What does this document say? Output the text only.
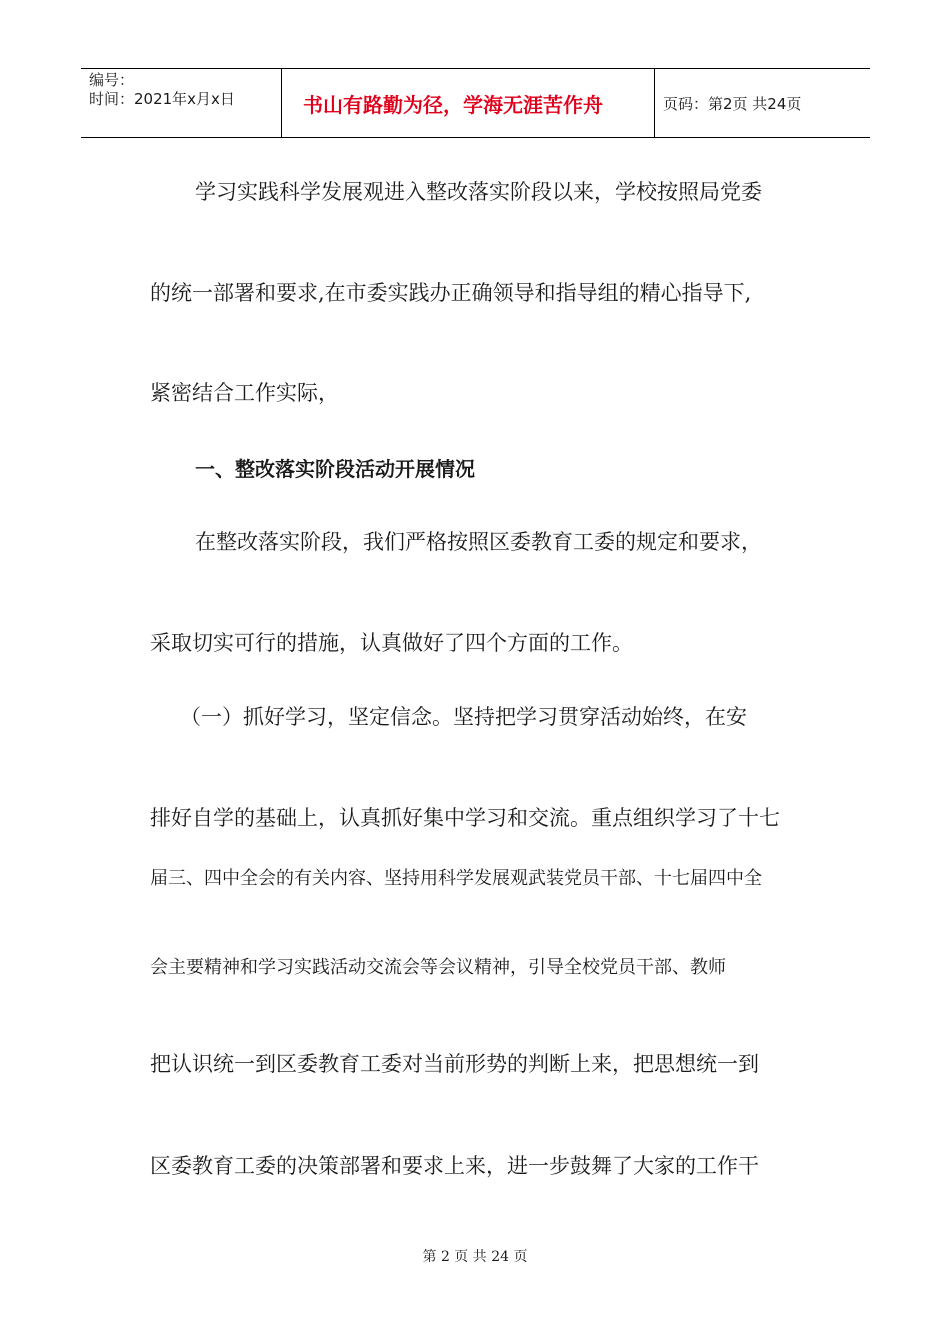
编号：
时间：2021年x月x日	书山有路勤为径，学海无涯苦作舟	页码：第2页 共24页
学习实践科学发展观进入整改落实阶段以来，学校按照局党委
的统一部署和要求,在市委实践办正确领导和指导组的精心指导下,
紧密结合工作实际，
一、整改落实阶段活动开展情况
在整改落实阶段，我们严格按照区委教育工委的规定和要求，
采取切实可行的措施，认真做好了四个方面的工作。
（一）抓好学习，坚定信念。坚持把学习贯穿活动始终，在安
排好自学的基础上，认真抓好集中学习和交流。重点组织学习了十七
届三、四中全会的有关内容、坚持用科学发展观武装党员干部、十七届四中全
会主要精神和学习实践活动交流会等会议精神，引导全校党员干部、教师
把认识统一到区委教育工委对当前形势的判断上来，把思想统一到
区委教育工委的决策部署和要求上来，进一步鼓舞了大家的工作干
第 2 页 共 24 页
